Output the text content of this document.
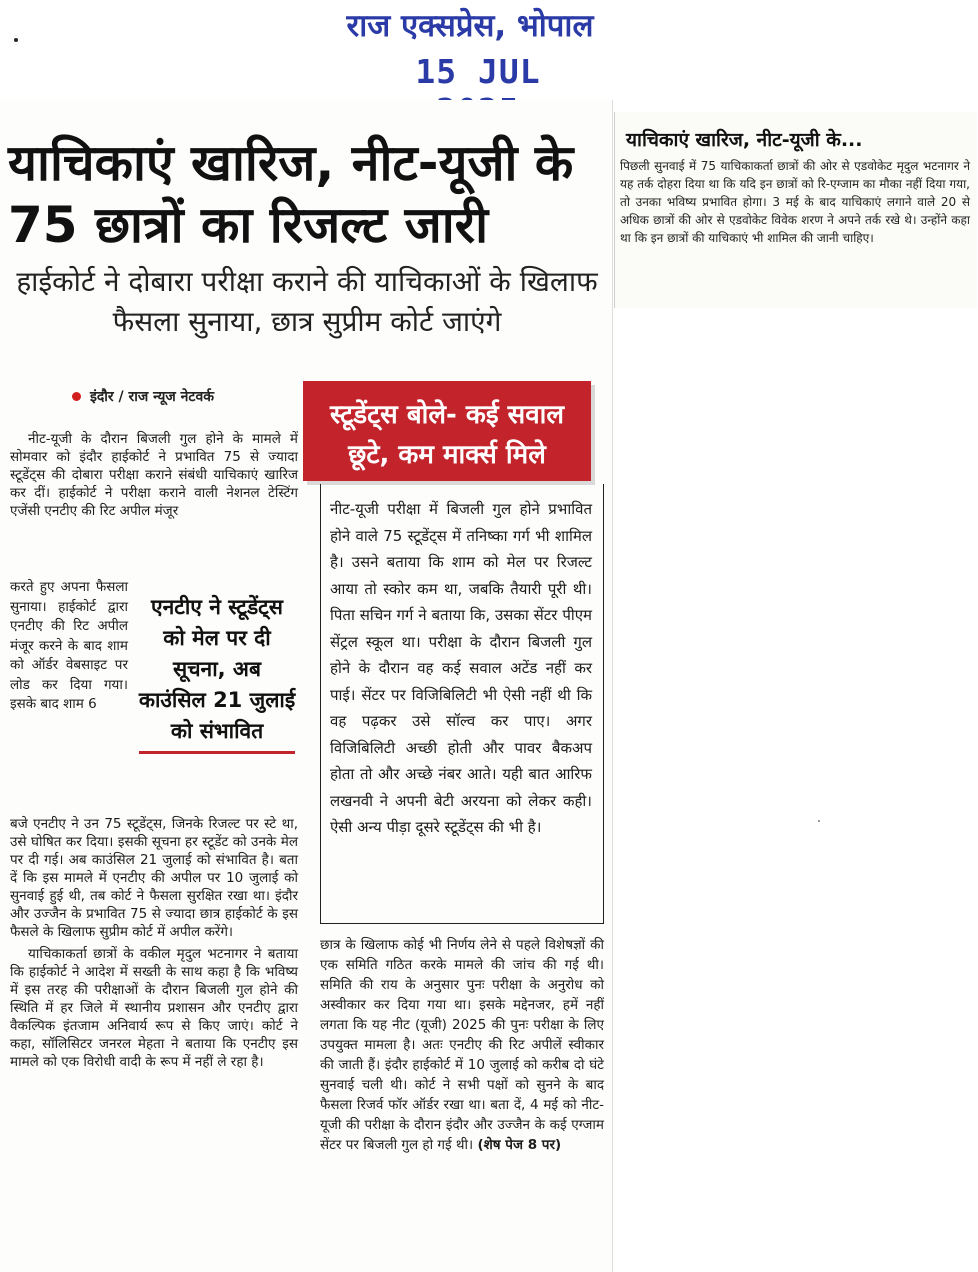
राज एक्सप्रेस, भोपाल
15 JUL
याचिकाएं खारिज, नीट-यूजी के 75 छात्रों का रिजल्ट जारी
हाईकोर्ट ने दोबारा परीक्षा कराने की याचिकाओं के खिलाफ फैसला सुनाया, छात्र सुप्रीम कोर्ट जाएंगे
इंदौर / राज न्यूज नेटवर्क

नीट-यूजी के दौरान बिजली गुल होने के मामले में सोमवार को इंदौर हाईकोर्ट ने प्रभावित 75 से ज्यादा स्टूडेंट्स की दोबारा परीक्षा कराने संबंधी याचिकाएं खारिज कर दीं। हाईकोर्ट ने परीक्षा कराने वाली नेशनल टेस्टिंग एजेंसी एनटीए की रिट अपील मंजूर

करते हुए अपना फैसला सुनाया। हाईकोर्ट द्वारा एनटीए की रिट अपील मंजूर करने के बाद शाम को ऑर्डर वेबसाइट पर लोड कर दिया गया। इसके बाद शाम 6

बजे एनटीए ने उन 75 स्टूडेंट्स, जिनके रिजल्ट पर स्टे था, उसे घोषित कर दिया। इसकी सूचना हर स्टूडेंट को उनके मेल पर दी गई। अब काउंसिल 21 जुलाई को संभावित है। बता दें कि इस मामले में एनटीए की अपील पर 10 जुलाई को सुनवाई हुई थी, तब कोर्ट ने फैसला सुरक्षित रखा था। इंदौर और उज्जैन के प्रभावित 75 से ज्यादा छात्र हाईकोर्ट के इस फैसले के खिलाफ सुप्रीम कोर्ट में अपील करेंगे।

याचिकाकर्ता छात्रों के वकील मृदुल भटनागर ने बताया कि हाईकोर्ट ने आदेश में सख्ती के साथ कहा है कि भविष्य में इस तरह की परीक्षाओं के दौरान बिजली गुल होने की स्थिति में हर जिले में स्थानीय प्रशासन और एनटीए द्वारा वैकल्पिक इंतजाम अनिवार्य रूप से किए जाएं। कोर्ट ने कहा, सॉलिसिटर जनरल मेहता ने बताया कि एनटीए इस मामले को एक विरोधी वादी के रूप में नहीं ले रहा है।

एनटीए ने स्टूडेंट्स को मेल पर दी सूचना, अब काउंसिल 21 जुलाई को संभावित
स्टूडेंट्स बोले- कई सवाल
छूटे, कम मार्क्स मिले
नीट-यूजी परीक्षा में बिजली गुल होने प्रभावित होने वाले 75 स्टूडेंट्स में तनिष्का गर्ग भी शामिल है। उसने बताया कि शाम को मेल पर रिजल्ट आया तो स्कोर कम था, जबकि तैयारी पूरी थी। पिता सचिन गर्ग ने बताया कि, उसका सेंटर पीएम सेंट्रल स्कूल था। परीक्षा के दौरान बिजली गुल होने के दौरान वह कई सवाल अटेंड नहीं कर पाई। सेंटर पर विजिबिलिटी भी ऐसी नहीं थी कि वह पढ़कर उसे सॉल्व कर पाए। अगर विजिबिलिटी अच्छी होती और पावर बैकअप होता तो और अच्छे नंबर आते। यही बात आरिफ लखनवी ने अपनी बेटी अरयना को लेकर कही। ऐसी अन्य पीड़ा दूसरे स्टूडेंट्स की भी है।

छात्र के खिलाफ कोई भी निर्णय लेने से पहले विशेषज्ञों की एक समिति गठित करके मामले की जांच की गई थी। समिति की राय के अनुसार पुनः परीक्षा के अनुरोध को अस्वीकार कर दिया गया था। इसके मद्देनजर, हमें नहीं लगता कि यह नीट (यूजी) 2025 की पुनः परीक्षा के लिए उपयुक्त मामला है। अतः एनटीए की रिट अपीलें स्वीकार की जाती हैं। इंदौर हाईकोर्ट में 10 जुलाई को करीब दो घंटे सुनवाई चली थी। कोर्ट ने सभी पक्षों को सुनने के बाद फैसला रिजर्व फॉर ऑर्डर रखा था। बता दें, 4 मई को नीट-यूजी की परीक्षा के दौरान इंदौर और उज्जैन के कई एग्जाम सेंटर पर बिजली गुल हो गई थी। (शेष पेज 8 पर)

याचिकाएं खारिज, नीट-यूजी के...
पिछली सुनवाई में 75 याचिकाकर्ता छात्रों की ओर से एडवोकेट मृदुल भटनागर ने यह तर्क दोहरा दिया था कि यदि इन छात्रों को रि-एग्जाम का मौका नहीं दिया गया, तो उनका भविष्य प्रभावित होगा। 3 मई के बाद याचिकाएं लगाने वाले 20 से अधिक छात्रों की ओर से एडवोकेट विवेक शरण ने अपने तर्क रखे थे। उन्होंने कहा था कि इन छात्रों की याचिकाएं भी शामिल की जानी चाहिए।
